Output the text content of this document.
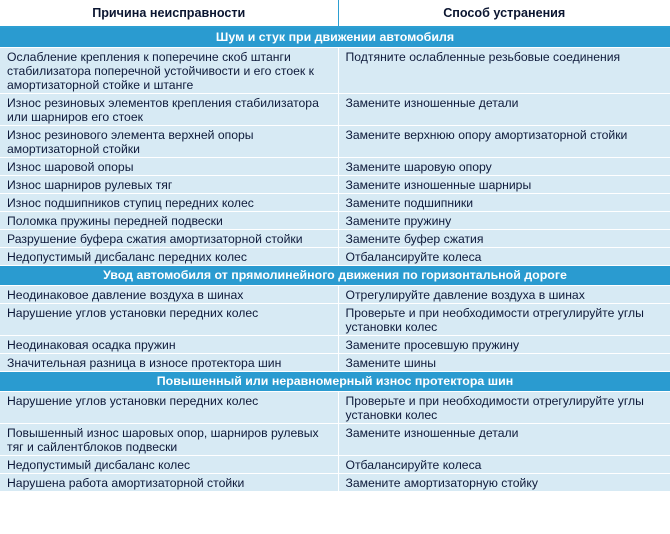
Причина неисправности	Способ устранения
Шум и стук при движении автомобиля	
Ослабление крепления к поперечине скоб штанги стабилизатора поперечной устойчивости и его стоек к амортизаторной стойке и штанге	Подтяните ослабленные резьбовые соединения
Износ резиновых элементов крепления стабилизатора или шарниров его стоек	Замените изношенные детали
Износ резинового элемента верхней опоры амортизаторной стойки	Замените верхнюю опору амортизаторной стойки
Износ шаровой опоры	Замените шаровую опору
Износ шарниров рулевых тяг	Замените изношенные шарниры
Износ подшипников ступиц передних колес	Замените подшипники
Поломка пружины передней подвески	Замените пружину
Разрушение буфера сжатия амортизаторной стойки	Замените буфер сжатия
Недопустимый дисбаланс передних колес	Отбалансируйте колеса
Увод автомобиля от прямолинейного движения по горизонтальной дороге	
Неодинаковое давление воздуха в шинах	Отрегулируйте давление воздуха в шинах
Нарушение углов установки передних колес	Проверьте и при необходимости отрегулируйте углы установки колес
Неодинаковая осадка пружин	Замените просевшую пружину
Значительная разница в износе протектора шин	Замените шины
Повышенный или неравномерный износ протектора шин	
Нарушение углов установки передних колес	Проверьте и при необходимости отрегулируйте углы установки колес
Повышенный износ шаровых опор, шарниров рулевых тяг и сайлентблоков подвески	Замените изношенные детали
Недопустимый дисбаланс колес	Отбалансируйте колеса
Нарушена работа амортизаторной стойки	Замените амортизаторную стойку
